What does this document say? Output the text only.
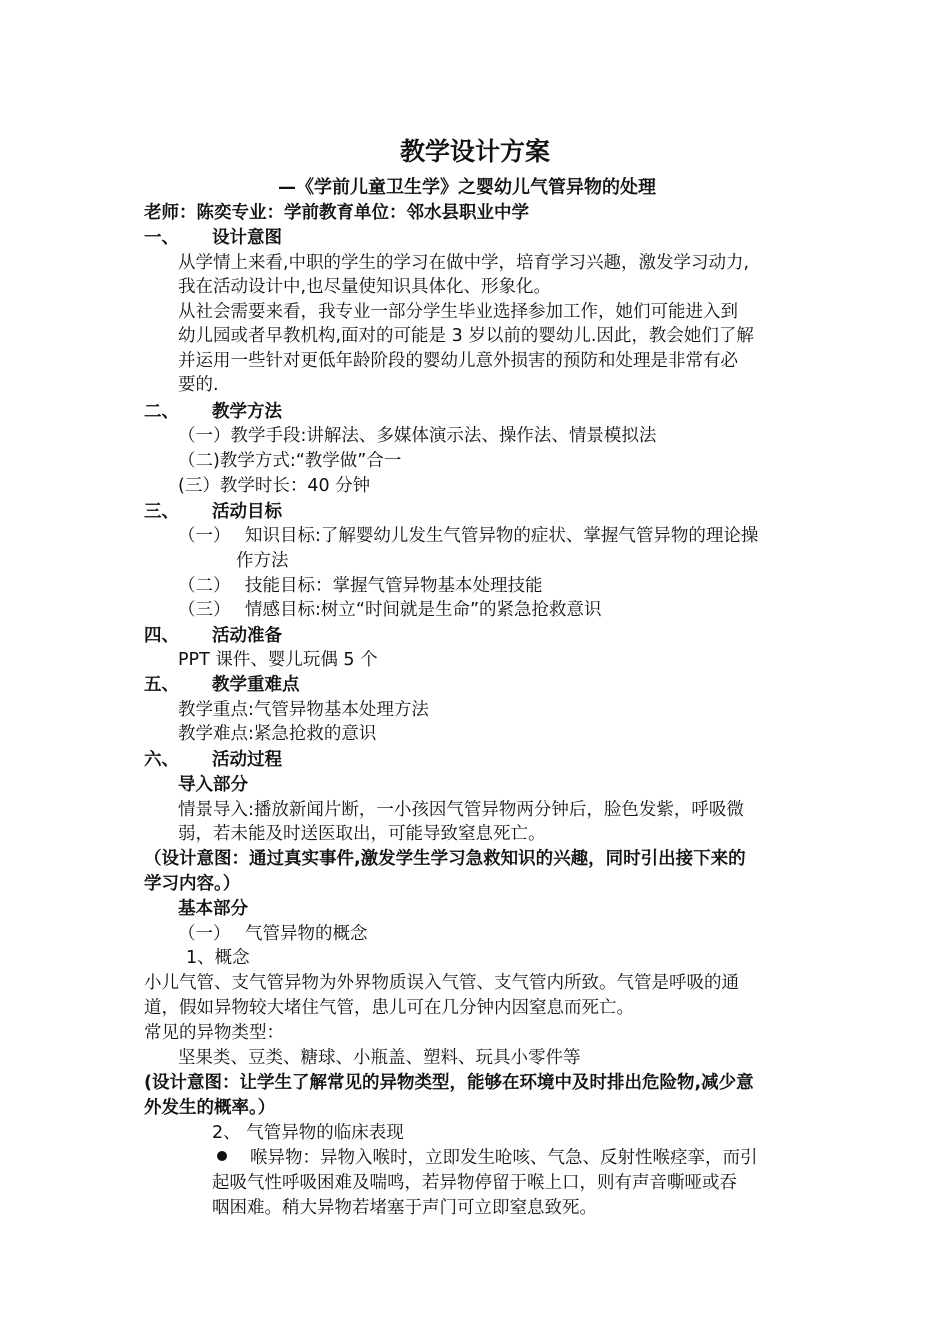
教学设计方案
—《学前儿童卫生学》之婴幼儿气管异物的处理
老师：陈奕专业：学前教育单位：邻水县职业中学
一、 设计意图
从学情上来看,中职的学生的学习在做中学，培育学习兴趣，激发学习动力,
我在活动设计中,也尽量使知识具体化、形象化。
从社会需要来看，我专业一部分学生毕业选择参加工作，她们可能进入到
幼儿园或者早教机构,面对的可能是 3 岁以前的婴幼儿.因此，教会她们了解
并运用一些针对更低年龄阶段的婴幼儿意外损害的预防和处理是非常有必
要的.
二、 教学方法
（一）教学手段:讲解法、多媒体演示法、操作法、情景模拟法
（二)教学方式:“教学做”合一
(三）教学时长：40 分钟
三、 活动目标
（一） 知识目标:了解婴幼儿发生气管异物的症状、掌握气管异物的理论操
作方法
（二） 技能目标：掌握气管异物基本处理技能
（三） 情感目标:树立“时间就是生命”的紧急抢救意识
四、 活动准备
PPT 课件、婴儿玩偶 5 个
五、 教学重难点
教学重点:气管异物基本处理方法
教学难点:紧急抢救的意识
六、 活动过程
导入部分
情景导入:播放新闻片断，一小孩因气管异物两分钟后，脸色发紫，呼吸微
弱，若未能及时送医取出，可能导致窒息死亡。
（设计意图：通过真实事件,激发学生学习急救知识的兴趣，同时引出接下来的
学习内容。）
基本部分
（一） 气管异物的概念
1、概念
小儿气管、支气管异物为外界物质误入气管、支气管内所致。气管是呼吸的通
道，假如异物较大堵住气管，患儿可在几分钟内因窒息而死亡。
常见的异物类型：
坚果类、豆类、糖球、小瓶盖、塑料、玩具小零件等
(设计意图：让学生了解常见的异物类型，能够在环境中及时排出危险物,减少意
外发生的概率。）
2、 气管异物的临床表现
喉异物：异物入喉时，立即发生呛咳、气急、反射性喉痉挛，而引
起吸气性呼吸困难及喘鸣，若异物停留于喉上口，则有声音嘶哑或吞
咽困难。稍大异物若堵塞于声门可立即窒息致死。
